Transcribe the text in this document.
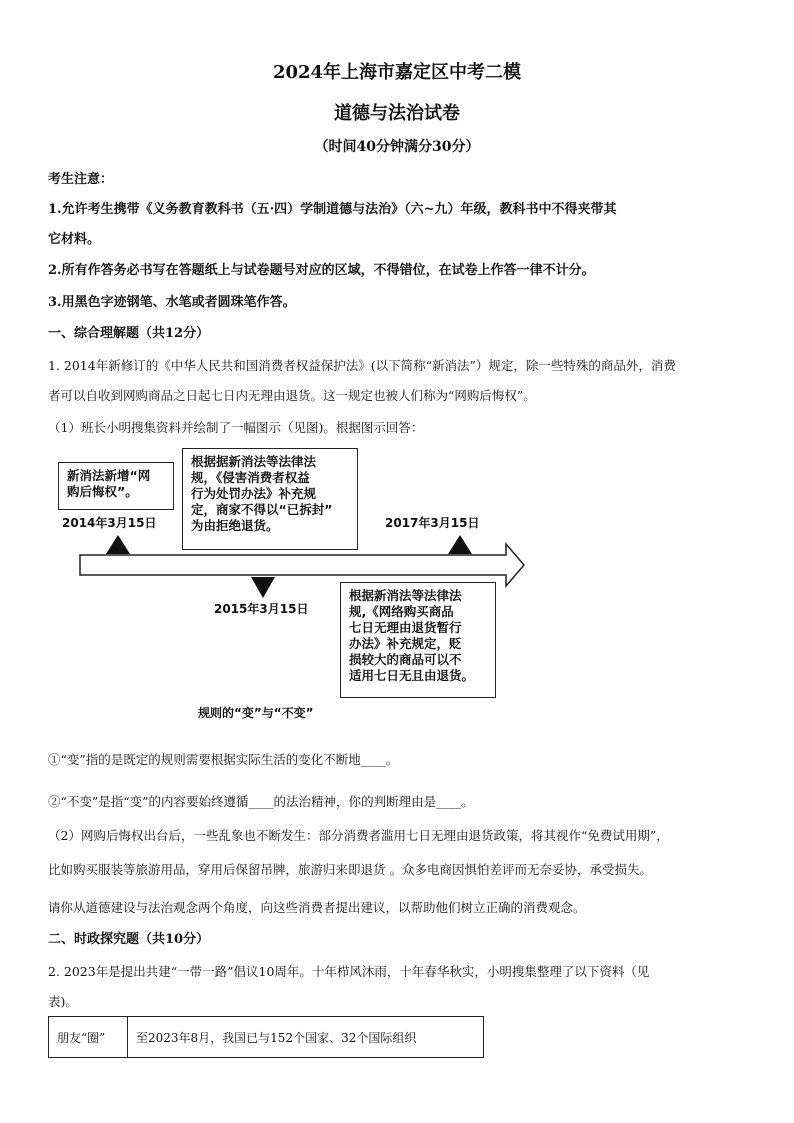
2024年上海市嘉定区中考二模
道德与法治试卷
（时间40分钟满分30分）
考生注意：
1.允许考生携带《义务教育教科书（五·四）学制道德与法治》（六~九）年级，教科书中不得夹带其
它材料。
2.所有作答务必书写在答题纸上与试卷题号对应的区域，不得错位，在试卷上作答一律不计分。
3.用黑色字迹钢笔、水笔或者圆珠笔作答。
一、综合理解题（共12分）
1. 2014年新修订的《中华人民共和国消费者权益保护法》(以下简称“新消法”）规定，除一些特殊的商品外，消费
者可以自收到网购商品之日起七日内无理由退货。这一规定也被人们称为“网购后悔权”。
（1）班长小明搜集资料并绘制了一幅图示（见图)。根据图示回答：
新消法新增“网
购后悔权”。
2014年3月15日
根据据新消法等法律法
规，《侵害消费者权益
行为处罚办法》补充规
定，商家不得以“已拆封”
为由拒绝退货。	2017年3月15日
2015年3月15日
根据新消法等法律法
规,《网络购买商品
七日无理由退货暂行
办法》补充规定，贬
损较大的商品可以不
适用七日无且由退货。
规则的“变”与“不变”
①“变”指的是既定的规则需要根据实际生活的变化不断地____。
②“不变”是指“变”的内容要始终遵循____的法治精神，你的判断理由是____。
（2）网购后悔权出台后，一些乱象也不断发生：部分消费者滥用七日无理由退货政策，将其视作“免费试用期”，
比如购买服装等旅游用品，穿用后保留吊牌，旅游归来即退货 。众多电商因惧怕差评而无奈妥协，承受损失。
请你从道德建设与法治观念两个角度，向这些消费者提出建议，以帮助他们树立正确的消费观念。
二、时政探究题（共10分）
2. 2023年是提出共建“一带一路”倡议10周年。十年栉风沐雨，十年春华秋实，小明搜集整理了以下资料（见
表)。
朋友“圈”	至2023年8月，我国已与152个国家、32个国际组织
